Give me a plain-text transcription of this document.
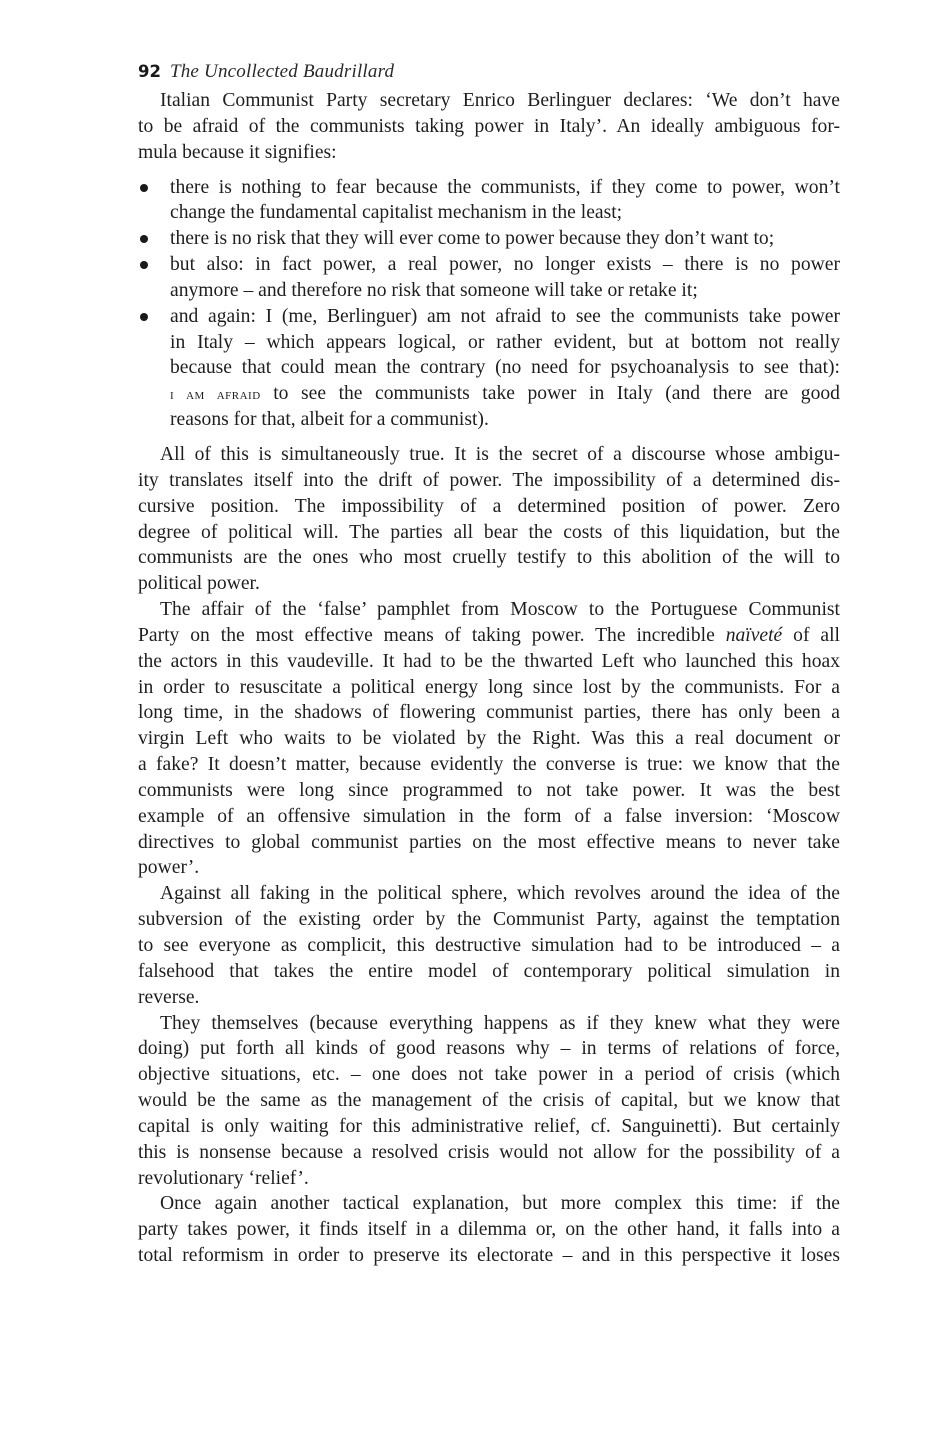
92 The Uncollected Baudrillard

Italian Communist Party secretary Enrico Berlinguer declares: ‘We don’t have
to be afraid of the communists taking power in Italy’. An ideally ambiguous for-
mula because it signifies:

there is nothing to fear because the communists, if they come to power, won’t
change the fundamental capitalist mechanism in the least;
there is no risk that they will ever come to power because they don’t want to;
but also: in fact power, a real power, no longer exists – there is no power
anymore – and therefore no risk that someone will take or retake it;
and again: I (me, Berlinguer) am not afraid to see the communists take power
in Italy – which appears logical, or rather evident, but at bottom not really
because that could mean the contrary (no need for psychoanalysis to see that):
i am afraid to see the communists take power in Italy (and there are good
reasons for that, albeit for a communist).

All of this is simultaneously true. It is the secret of a discourse whose ambigu-
ity translates itself into the drift of power. The impossibility of a determined dis-
cursive position. The impossibility of a determined position of power. Zero
degree of political will. The parties all bear the costs of this liquidation, but the
communists are the ones who most cruelly testify to this abolition of the will to
political power.

The affair of the ‘false’ pamphlet from Moscow to the Portuguese Communist
Party on the most effective means of taking power. The incredible naïveté of all
the actors in this vaudeville. It had to be the thwarted Left who launched this hoax
in order to resuscitate a political energy long since lost by the communists. For a
long time, in the shadows of flowering communist parties, there has only been a
virgin Left who waits to be violated by the Right. Was this a real document or
a fake? It doesn’t matter, because evidently the converse is true: we know that the
communists were long since programmed to not take power. It was the best
example of an offensive simulation in the form of a false inversion: ‘Moscow
directives to global communist parties on the most effective means to never take
power’.

Against all faking in the political sphere, which revolves around the idea of the
subversion of the existing order by the Communist Party, against the temptation
to see everyone as complicit, this destructive simulation had to be introduced – a
falsehood that takes the entire model of contemporary political simulation in
reverse.

They themselves (because everything happens as if they knew what they were
doing) put forth all kinds of good reasons why – in terms of relations of force,
objective situations, etc. – one does not take power in a period of crisis (which
would be the same as the management of the crisis of capital, but we know that
capital is only waiting for this administrative relief, cf. Sanguinetti). But certainly
this is nonsense because a resolved crisis would not allow for the possibility of a
revolutionary ‘relief’.

Once again another tactical explanation, but more complex this time: if the
party takes power, it finds itself in a dilemma or, on the other hand, it falls into a
total reformism in order to preserve its electorate – and in this perspective it loses
